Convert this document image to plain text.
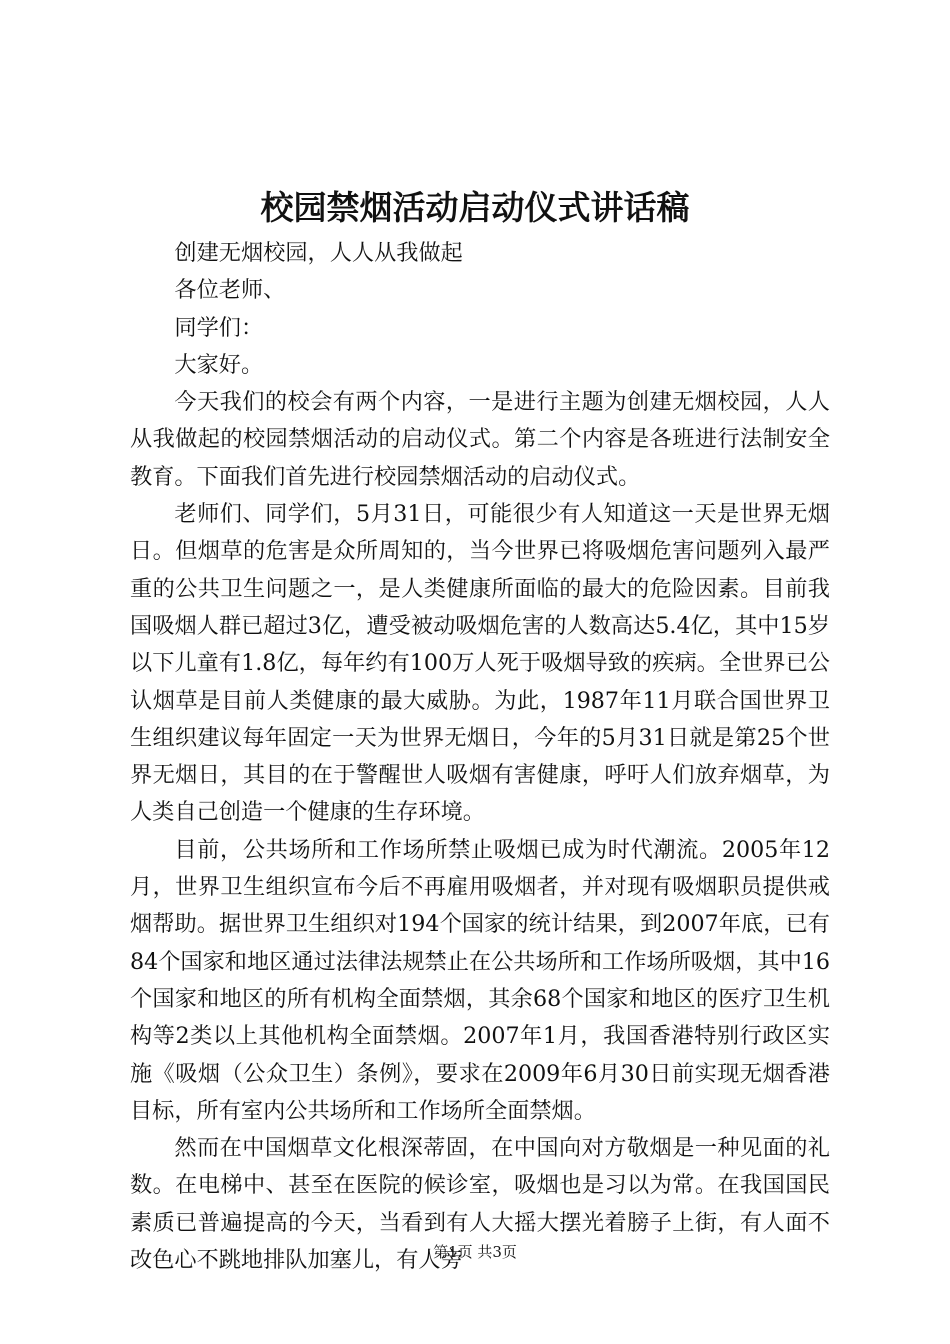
校园禁烟活动启动仪式讲话稿

创建无烟校园，人人从我做起

各位老师、

同学们：

大家好。

今天我们的校会有两个内容，一是进行主题为创建无烟校园，人人从我做起的校园禁烟活动的启动仪式。第二个内容是各班进行法制安全教育。下面我们首先进行校园禁烟活动的启动仪式。

老师们、同学们，5月31日，可能很少有人知道这一天是世界无烟日。但烟草的危害是众所周知的，当今世界已将吸烟危害问题列入最严重的公共卫生问题之一，是人类健康所面临的最大的危险因素。目前我国吸烟人群已超过3亿，遭受被动吸烟危害的人数高达5.4亿，其中15岁以下儿童有1.8亿，每年约有100万人死于吸烟导致的疾病。全世界已公认烟草是目前人类健康的最大威胁。为此，1987年11月联合国世界卫生组织建议每年固定一天为世界无烟日，今年的5月31日就是第25个世界无烟日，其目的在于警醒世人吸烟有害健康，呼吁人们放弃烟草，为人类自己创造一个健康的生存环境。

目前，公共场所和工作场所禁止吸烟已成为时代潮流。2005年12月，世界卫生组织宣布今后不再雇用吸烟者，并对现有吸烟职员提供戒烟帮助。据世界卫生组织对194个国家的统计结果，到2007年底，已有84个国家和地区通过法律法规禁止在公共场所和工作场所吸烟，其中16个国家和地区的所有机构全面禁烟，其余68个国家和地区的医疗卫生机构等2类以上其他机构全面禁烟。2007年1月，我国香港特别行政区实施《吸烟（公众卫生）条例》，要求在2009年6月30日前实现无烟香港目标，所有室内公共场所和工作场所全面禁烟。

然而在中国烟草文化根深蒂固，在中国向对方敬烟是一种见面的礼数。在电梯中、甚至在医院的候诊室，吸烟也是习以为常。在我国国民素质已普遍提高的今天，当看到有人大摇大摆光着膀子上街，有人面不改色心不跳地排队加塞儿，有人旁

第1页 共3页
